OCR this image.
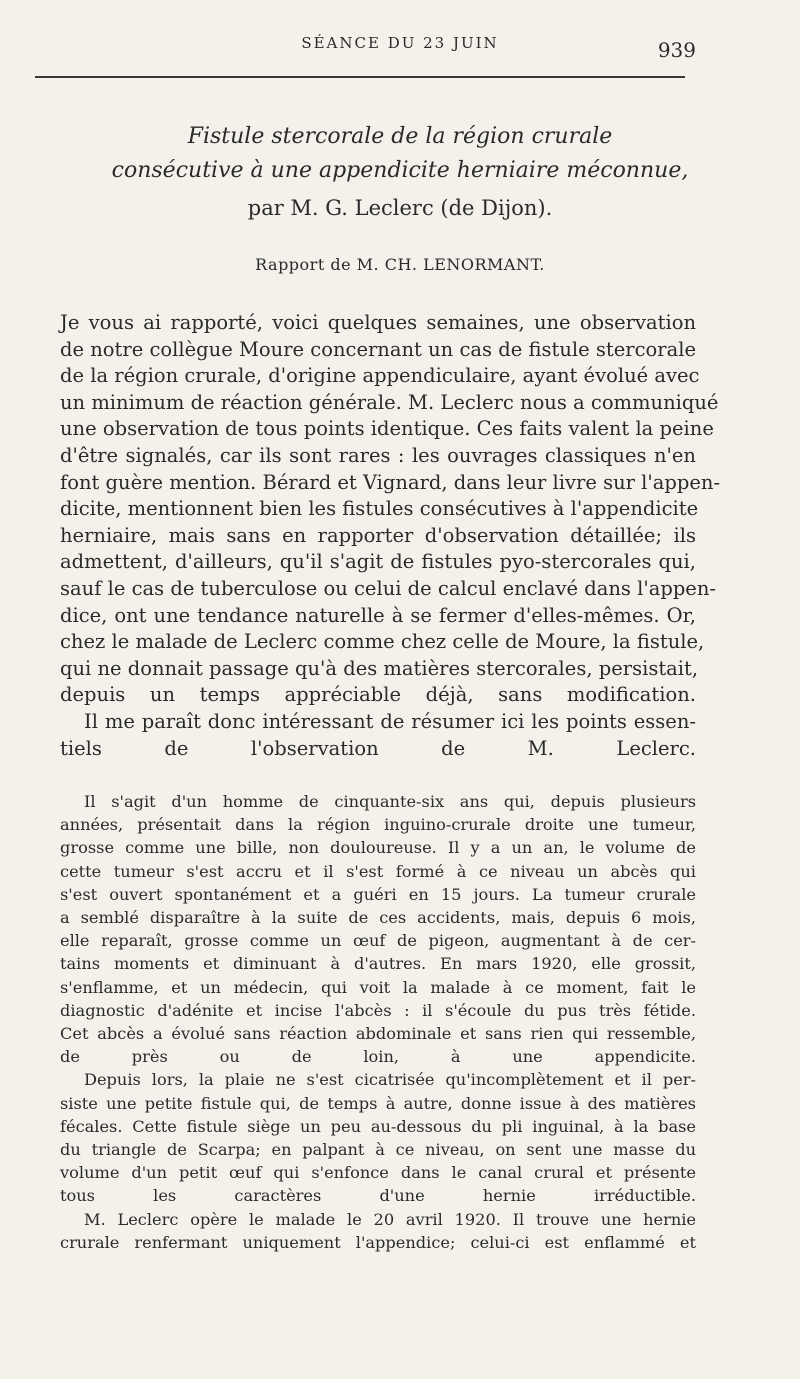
SÉANCE DU 23 JUIN	939
Fistule stercorale de la région crurale
consécutive à une appendicite herniaire méconnue,
par M. G. Leclerc (de Dijon).
Rapport de M. CH. LENORMANT.
Je vous ai rapporté, voici quelques semaines, une observation
de notre collègue Moure concernant un cas de fistule stercorale
de la région crurale, d'origine appendiculaire, ayant évolué avec
un minimum de réaction générale. M. Leclerc nous a communiqué
une observation de tous points identique. Ces faits valent la peine
d'être signalés, car ils sont rares : les ouvrages classiques n'en
font guère mention. Bérard et Vignard, dans leur livre sur l'appen-
dicite, mentionnent bien les fistules consécutives à l'appendicite
herniaire, mais sans en rapporter d'observation détaillée; ils
admettent, d'ailleurs, qu'il s'agit de fistules pyo-stercorales qui,
sauf le cas de tuberculose ou celui de calcul enclavé dans l'appen-
dice, ont une tendance naturelle à se fermer d'elles-mêmes. Or,
chez le malade de Leclerc comme chez celle de Moure, la fistule,
qui ne donnait passage qu'à des matières stercorales, persistait,
depuis un temps appréciable déjà, sans modification.
Il me paraît donc intéressant de résumer ici les points essen-
tiels de l'observation de M. Leclerc.
Il s'agit d'un homme de cinquante-six ans qui, depuis plusieurs
années, présentait dans la région inguino-crurale droite une tumeur,
grosse comme une bille, non douloureuse. Il y a un an, le volume de
cette tumeur s'est accru et il s'est formé à ce niveau un abcès qui
s'est ouvert spontanément et a guéri en 15 jours. La tumeur crurale
a semblé disparaître à la suite de ces accidents, mais, depuis 6 mois,
elle reparaît, grosse comme un œuf de pigeon, augmentant à de cer-
tains moments et diminuant à d'autres. En mars 1920, elle grossit,
s'enflamme, et un médecin, qui voit la malade à ce moment, fait le
diagnostic d'adénite et incise l'abcès : il s'écoule du pus très fétide.
Cet abcès a évolué sans réaction abdominale et sans rien qui ressemble,
de près ou de loin, à une appendicite.
Depuis lors, la plaie ne s'est cicatrisée qu'incomplètement et il per-
siste une petite fistule qui, de temps à autre, donne issue à des matières
fécales. Cette fistule siège un peu au-dessous du pli inguinal, à la base
du triangle de Scarpa; en palpant à ce niveau, on sent une masse du
volume d'un petit œuf qui s'enfonce dans le canal crural et présente
tous les caractères d'une hernie irréductible.
M. Leclerc opère le malade le 20 avril 1920. Il trouve une hernie
crurale renfermant uniquement l'appendice; celui-ci est enflammé et
